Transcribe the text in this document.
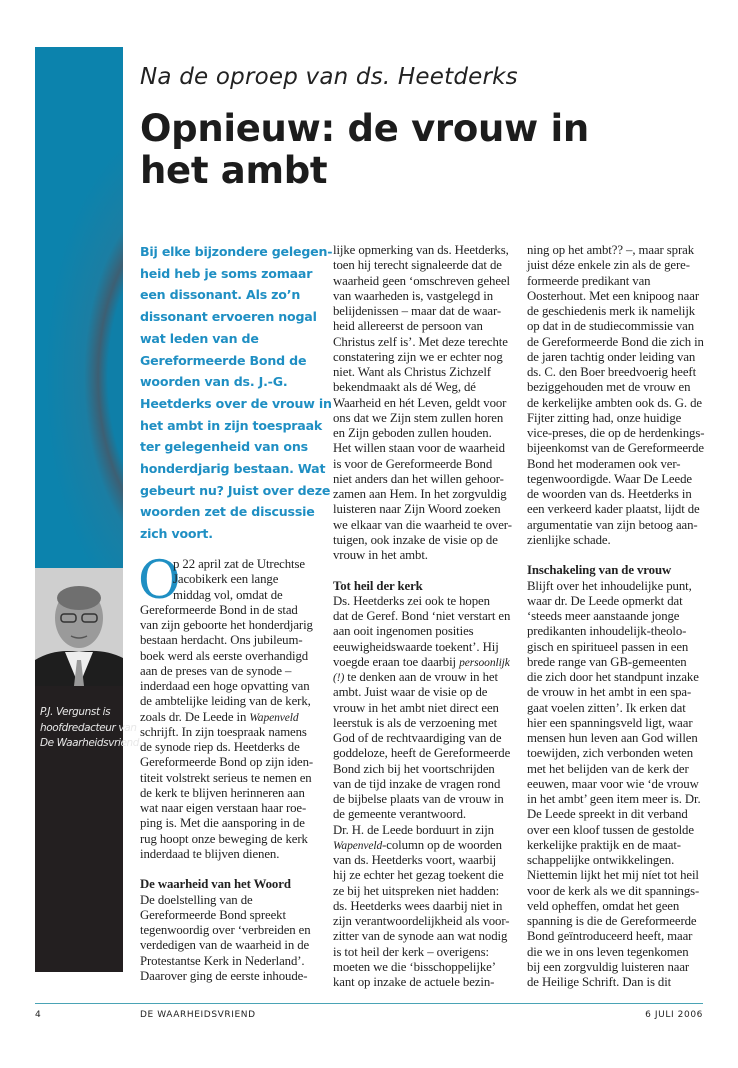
P.J. Vergunst is
hoofdredacteur van
De Waarheidsvriend.
Na de oproep van ds. Heetderks
Opnieuw: de vrouw in
het ambt
Bij elke bijzondere gelegen-
heid heb je soms zomaar
een dissonant. Als zo’n
dissonant ervoeren nogal
wat leden van de
Gereformeerde Bond de
woorden van ds. J.-G.
Heetderks over de vrouw in
het ambt in zijn toespraak
ter gelegenheid van ons
honderdjarig bestaan. Wat
gebeurt nu? Juist over deze
woorden zet de discussie
zich voort.
O
p 22 april zat de Utrechtse
Jacobikerk een lange
middag vol, omdat de
Gereformeerde Bond in de stad
van zijn geboorte het honderdjarig
bestaan herdacht. Ons jubileum-
boek werd als eerste overhandigd
aan de preses van de synode –
inderdaad een hoge opvatting van
de ambtelijke leiding van de kerk,
zoals dr. De Leede in Wapenveld
schrijft. In zijn toespraak namens
de synode riep ds. Heetderks de
Gereformeerde Bond op zijn iden-
titeit volstrekt serieus te nemen en
de kerk te blijven herinneren aan
wat naar eigen verstaan haar roe-
ping is. Met die aansporing in de
rug hoopt onze beweging de kerk
inderdaad te blijven dienen.
De waarheid van het Woord
De doelstelling van de
Gereformeerde Bond spreekt
tegenwoordig over ‘verbreiden en
verdedigen van de waarheid in de
Protestantse Kerk in Nederland’.
Daarover ging de eerste inhoude-
lijke opmerking van ds. Heetderks,
toen hij terecht signaleerde dat de
waarheid geen ‘omschreven geheel
van waarheden is, vastgelegd in
belijdenissen – maar dat de waar-
heid allereerst de persoon van
Christus zelf is’. Met deze terechte
constatering zijn we er echter nog
niet. Want als Christus Zichzelf
bekendmaakt als dé Weg, dé
Waarheid en hét Leven, geldt voor
ons dat we Zijn stem zullen horen
en Zijn geboden zullen houden.
Het willen staan voor de waarheid
is voor de Gereformeerde Bond
niet anders dan het willen gehoor-
zamen aan Hem. In het zorgvuldig
luisteren naar Zijn Woord zoeken
we elkaar van die waarheid te over-
tuigen, ook inzake de visie op de
vrouw in het ambt.
Tot heil der kerk
Ds. Heetderks zei ook te hopen
dat de Geref. Bond ‘niet verstart en
aan ooit ingenomen posities
eeuwigheidswaarde toekent’. Hij
voegde eraan toe daarbij persoonlijk
(!) te denken aan de vrouw in het
ambt. Juist waar de visie op de
vrouw in het ambt niet direct een
leerstuk is als de verzoening met
God of de rechtvaardiging van de
goddeloze, heeft de Gereformeerde
Bond zich bij het voortschrijden
van de tijd inzake de vragen rond
de bijbelse plaats van de vrouw in
de gemeente verantwoord.
Dr. H. de Leede borduurt in zijn
Wapenveld-column op de woorden
van ds. Heetderks voort, waarbij
hij ze echter het gezag toekent die
ze bij het uitspreken niet hadden:
ds. Heetderks wees daarbij niet in
zijn verantwoordelijkheid als voor-
zitter van de synode aan wat nodig
is tot heil der kerk – overigens:
moeten we die ‘bisschoppelijke’
kant op inzake de actuele bezin-
ning op het ambt?? –, maar sprak
juist déze enkele zin als de gere-
formeerde predikant van
Oosterhout. Met een knipoog naar
de geschiedenis merk ik namelijk
op dat in de studiecommissie van
de Gereformeerde Bond die zich in
de jaren tachtig onder leiding van
ds. C. den Boer breedvoerig heeft
beziggehouden met de vrouw en
de kerkelijke ambten ook ds. G. de
Fijter zitting had, onze huidige
vice-preses, die op de herdenkings-
bijeenkomst van de Gereformeerde
Bond het moderamen ook ver-
tegenwoordigde. Waar De Leede
de woorden van ds. Heetderks in
een verkeerd kader plaatst, lijdt de
argumentatie van zijn betoog aan-
zienlijke schade.
Inschakeling van de vrouw
Blijft over het inhoudelijke punt,
waar dr. De Leede opmerkt dat
‘steeds meer aanstaande jonge
predikanten inhoudelijk-theolo-
gisch en spiritueel passen in een
brede range van GB-gemeenten
die zich door het standpunt inzake
de vrouw in het ambt in een spa-
gaat voelen zitten’. Ik erken dat
hier een spanningsveld ligt, waar
mensen hun leven aan God willen
toewijden, zich verbonden weten
met het belijden van de kerk der
eeuwen, maar voor wie ‘de vrouw
in het ambt’ geen item meer is. Dr.
De Leede spreekt in dit verband
over een kloof tussen de gestolde
kerkelijke praktijk en de maat-
schappelijke ontwikkelingen.
Niettemin lijkt het mij níet tot heil
voor de kerk als we dit spannings-
veld opheffen, omdat het geen
spanning is die de Gereformeerde
Bond geïntroduceerd heeft, maar
die we in ons leven tegenkomen
bij een zorgvuldig luisteren naar
de Heilige Schrift. Dan is dit
4	DE WAARHEIDSVRIEND	6 JULI 2006
